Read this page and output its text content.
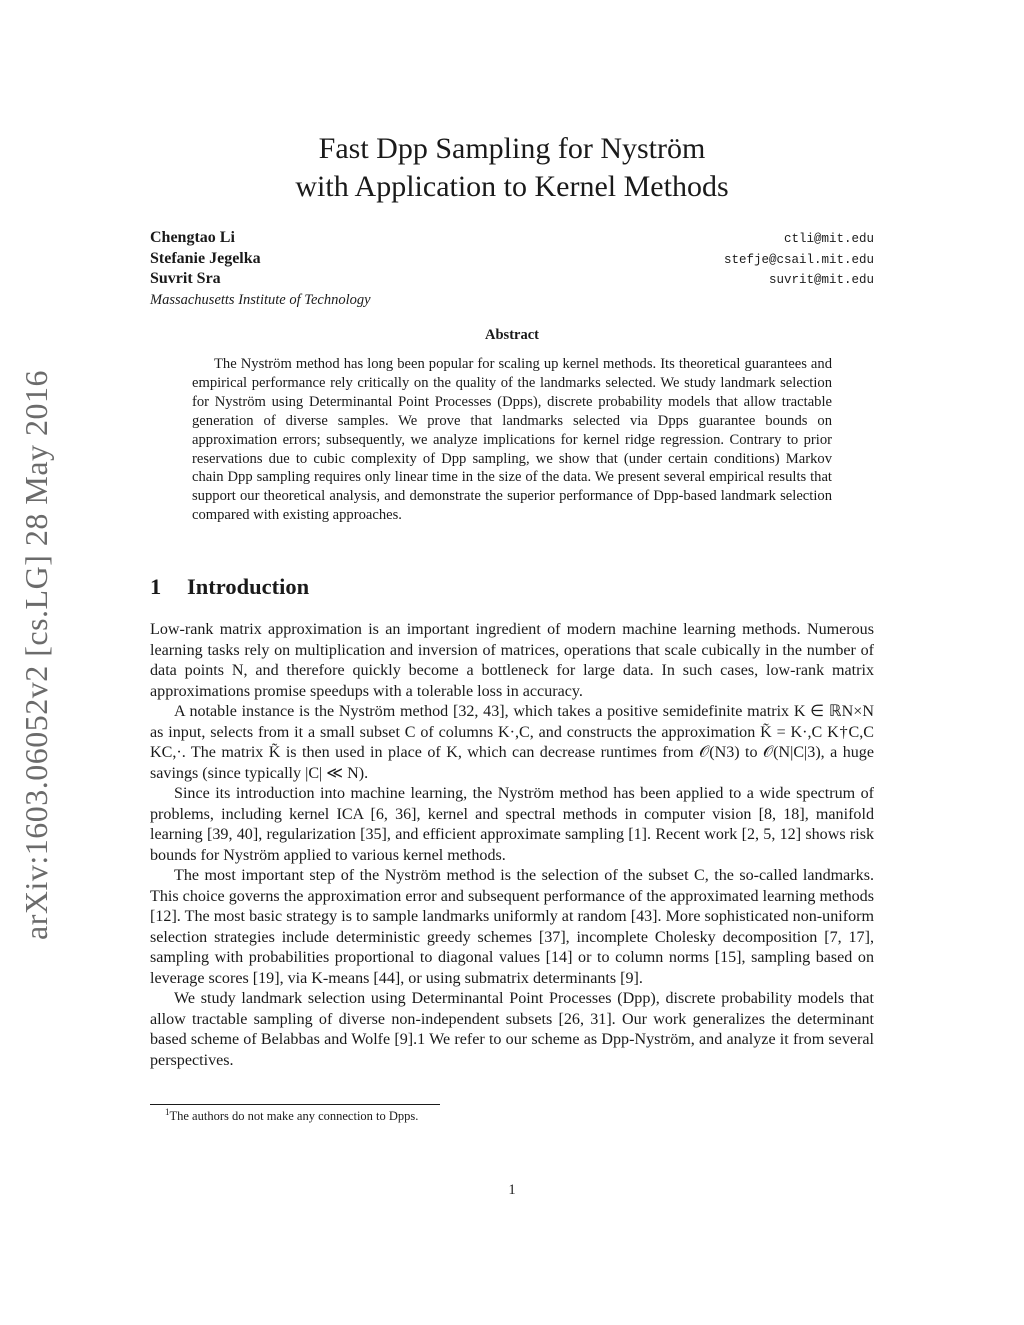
arXiv:1603.06052v2 [cs.LG] 28 May 2016
Fast Dpp Sampling for Nyström
with Application to Kernel Methods
Chengtao Li	ctli@mit.edu
Stefanie Jegelka	stefje@csail.mit.edu
Suvrit Sra	suvrit@mit.edu
Massachusetts Institute of Technology
Abstract
The Nyström method has long been popular for scaling up kernel methods. Its theoretical guarantees and empirical performance rely critically on the quality of the landmarks selected. We study landmark selection for Nyström using Determinantal Point Processes (Dpps), discrete probability models that allow tractable generation of diverse samples. We prove that landmarks selected via Dpps guarantee bounds on approximation errors; subsequently, we analyze implications for kernel ridge regression. Contrary to prior reservations due to cubic complexity of Dpp sampling, we show that (under certain conditions) Markov chain Dpp sampling requires only linear time in the size of the data. We present several empirical results that support our theoretical analysis, and demonstrate the superior performance of Dpp-based landmark selection compared with existing approaches.
1 Introduction

Low-rank matrix approximation is an important ingredient of modern machine learning methods. Numerous learning tasks rely on multiplication and inversion of matrices, operations that scale cubically in the number of data points N, and therefore quickly become a bottleneck for large data. In such cases, low-rank matrix approximations promise speedups with a tolerable loss in accuracy.

A notable instance is the Nyström method [32, 43], which takes a positive semidefinite matrix K ∈ ℝN×N as input, selects from it a small subset C of columns K·,C, and constructs the approximation K̃ = K·,C K†C,C KC,·. The matrix K̃ is then used in place of K, which can decrease runtimes from 𝒪(N3) to 𝒪(N|C|3), a huge savings (since typically |C| ≪ N).

Since its introduction into machine learning, the Nyström method has been applied to a wide spectrum of problems, including kernel ICA [6, 36], kernel and spectral methods in computer vision [8, 18], manifold learning [39, 40], regularization [35], and efficient approximate sampling [1]. Recent work [2, 5, 12] shows risk bounds for Nyström applied to various kernel methods.

The most important step of the Nyström method is the selection of the subset C, the so-called landmarks. This choice governs the approximation error and subsequent performance of the approximated learning methods [12]. The most basic strategy is to sample landmarks uniformly at random [43]. More sophisticated non-uniform selection strategies include deterministic greedy schemes [37], incomplete Cholesky decomposition [7, 17], sampling with probabilities proportional to diagonal values [14] or to column norms [15], sampling based on leverage scores [19], via K-means [44], or using submatrix determinants [9].

We study landmark selection using Determinantal Point Processes (Dpp), discrete probability models that allow tractable sampling of diverse non-independent subsets [26, 31]. Our work generalizes the determinant based scheme of Belabbas and Wolfe [9].1 We refer to our scheme as Dpp-Nyström, and analyze it from several perspectives.

$^1$The authors do not make any connection to Dpps.
1
